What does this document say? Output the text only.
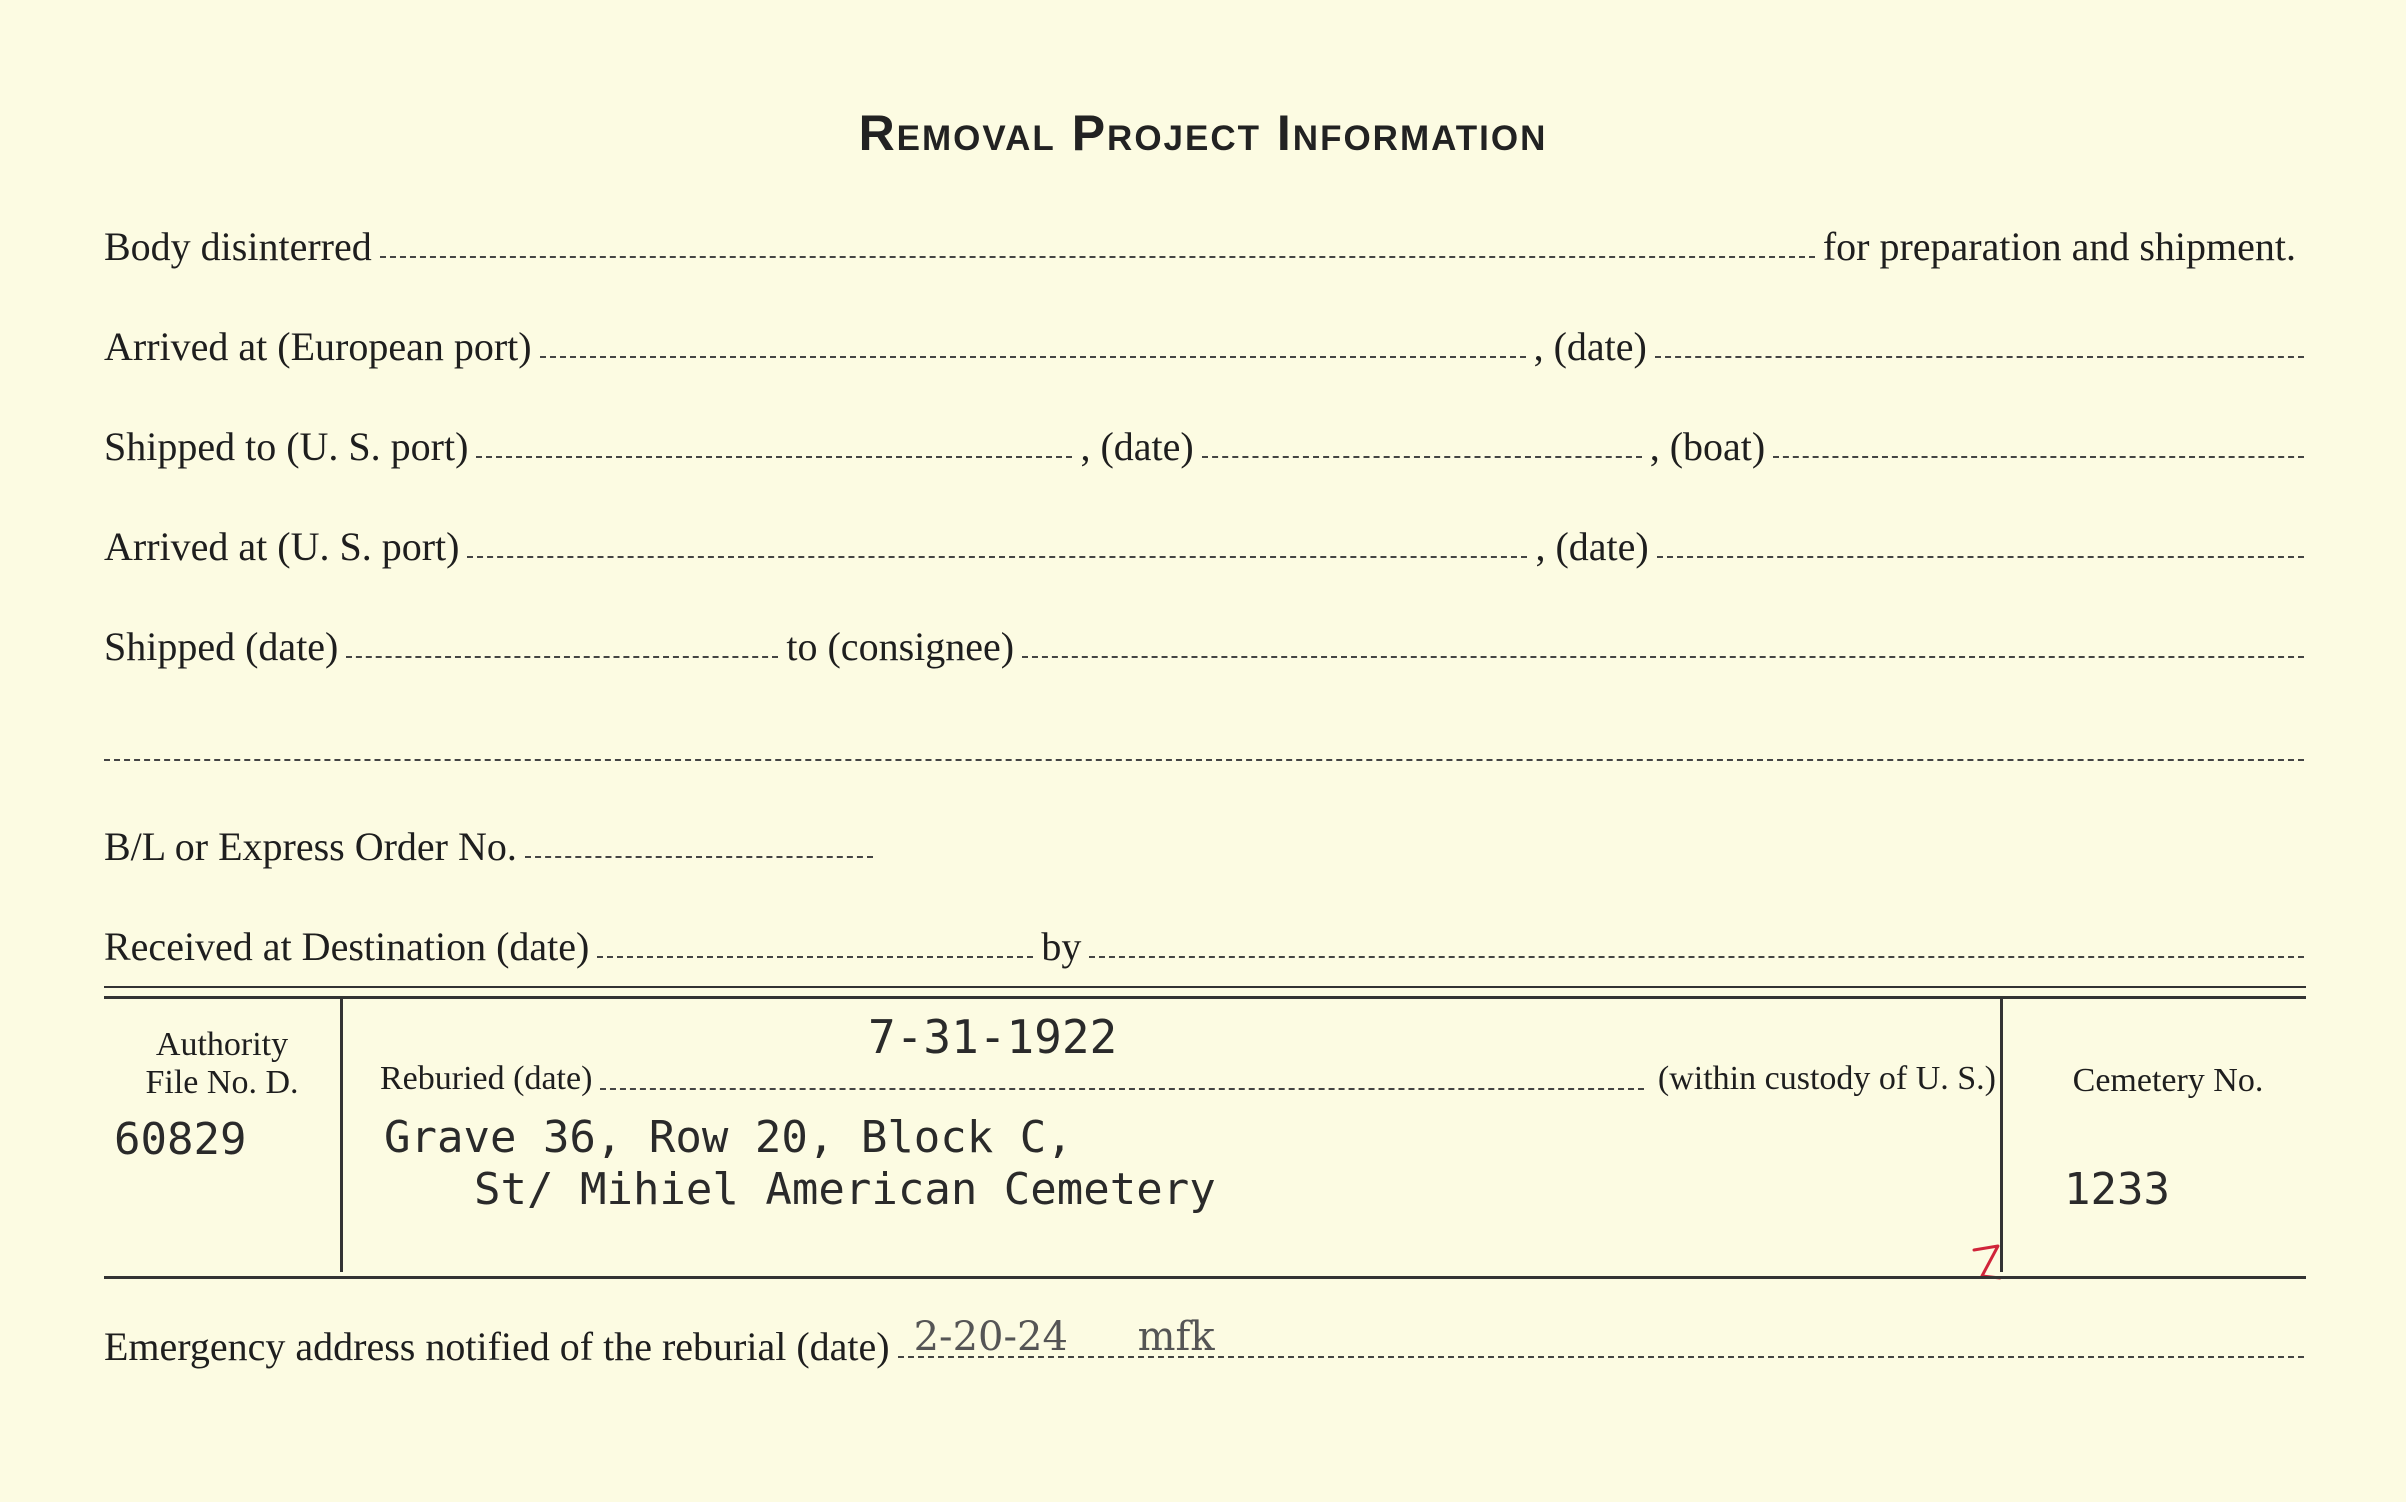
Removal Project Information
Body disinterred	for preparation and shipment.
Arrived at (European port)	, (date)
Shipped to (U. S. port)	, (date)	, (boat)
Arrived at (U. S. port)	, (date)
Shipped (date)	to (consignee)
B/L or Express Order No.
Received at Destination (date)	by
Authority
File No. D.
60829
7-31-1922
Reburied (date)	(within custody of U. S.)
Grave 36, Row 20, Block C,
St/ Mihiel American Cemetery
Cemetery No.
1233
Emergency address notified of the reburial (date) 2-20-24 mfk
